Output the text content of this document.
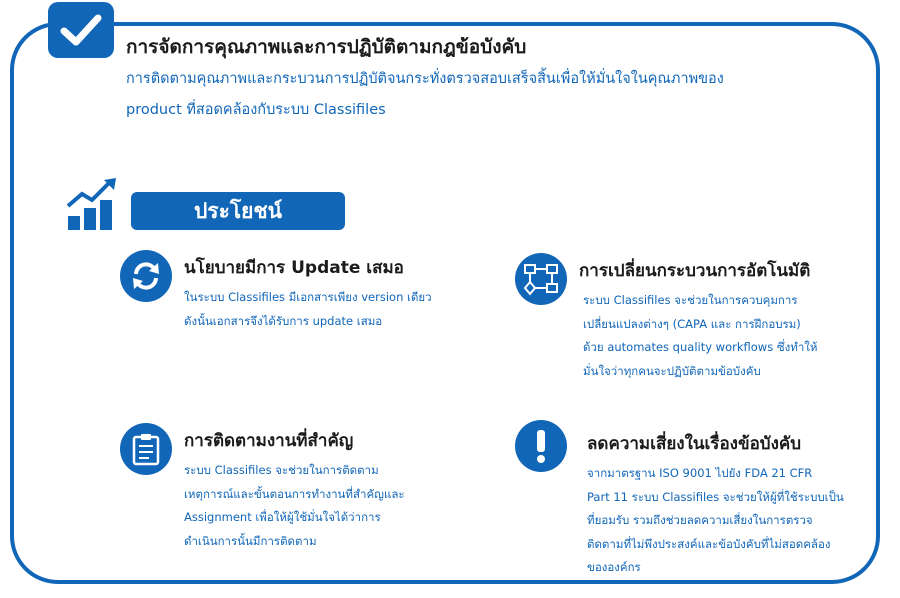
การจัดการคุณภาพและการปฏิบัติตามกฎข้อบังคับ
การติดตามคุณภาพและกระบวนการปฏิบัติจนกระทั่งตรวจสอบเสร็จสิ้นเพื่อให้มั่นใจในคุณภาพของ
product ที่สอดคล้องกับระบบ Classifiles
ประโยชน์
นโยบายมีการ Update เสมอ
ในระบบ Classifiles มีเอกสารเพียง version เดียว
ดังนั้นเอกสารจึงได้รับการ update เสมอ
การเปลี่ยนกระบวนการอัตโนมัติ
ระบบ Classifiles จะช่วยในการควบคุมการ
เปลี่ยนแปลงต่างๆ (CAPA และ การฝึกอบรม)
ด้วย automates quality workflows ซึ่งทำให้
มั่นใจว่าทุกคนจะปฏิบัติตามข้อบังคับ
การติดตามงานที่สำคัญ
ระบบ Classifiles จะช่วยในการติดตาม
เหตุการณ์และขั้นตอนการทำงานที่สำคัญและ
Assignment เพื่อให้ผู้ใช้มั่นใจได้ว่าการ
ดำเนินการนั้นมีการติดตาม
ลดความเสี่ยงในเรื่องข้อบังคับ
จากมาตรฐาน ISO 9001 ไปยัง FDA 21 CFR
Part 11 ระบบ Classifiles จะช่วยให้ผู้ที่ใช้ระบบเป็น
ที่ยอมรับ รวมถึงช่วยลดความเสี่ยงในการตรวจ
ติดตามที่ไม่พึงประสงค์และข้อบังคับที่ไม่สอดคล้อง
ขององค์กร
